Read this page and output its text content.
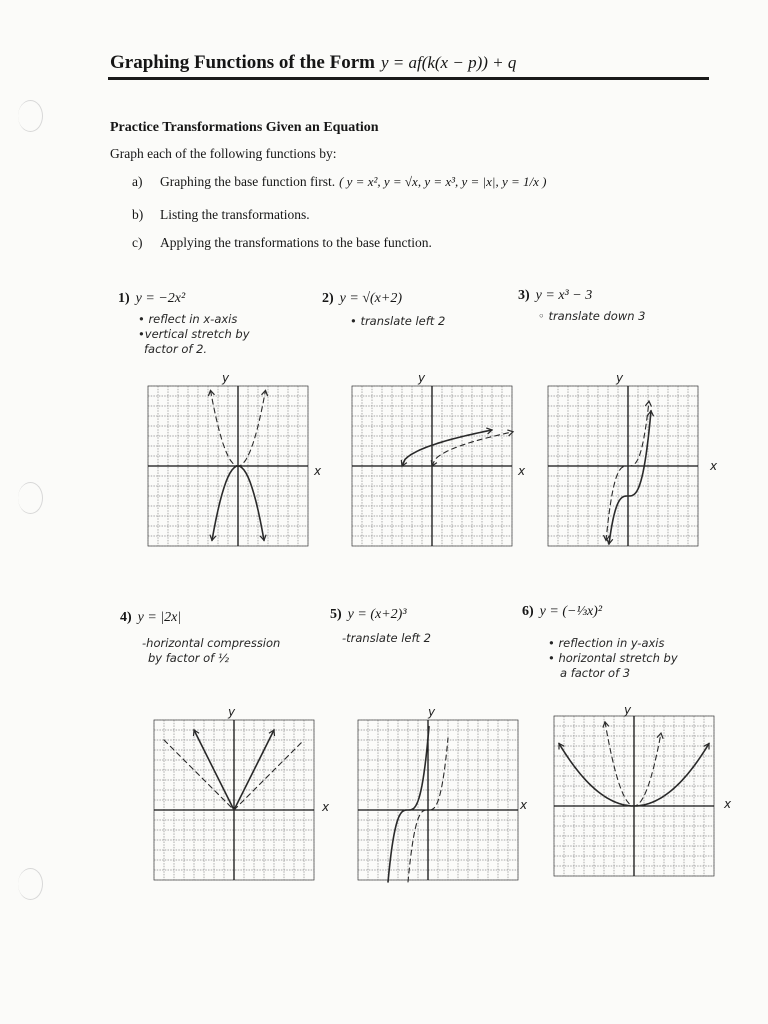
Graphing Functions of the Form y = af(k(x − p)) + q
Practice Transformations Given an Equation
Graph each of the following functions by:
a) Graphing the base function first. ( y = x², y = √x, y = x³, y = |x|, y = 1/x )
b) Listing the transformations.
c) Applying the transformations to the base function.
1) y = −2x²
• reflect in x-axis
•vertical stretch by
factor of 2.
2) y = √(x+2)
• translate left 2
3) y = x³ − 3
◦ translate down 3
4) y = |2x|
-horizontal compression
by factor of ½
5) y = (x+2)³
-translate left 2
6) y = (−⅓x)²
• reflection in y-axis
• horizontal stretch by
a factor of 3
x
y
x
y
x
y
x
y
x
y
x
y
